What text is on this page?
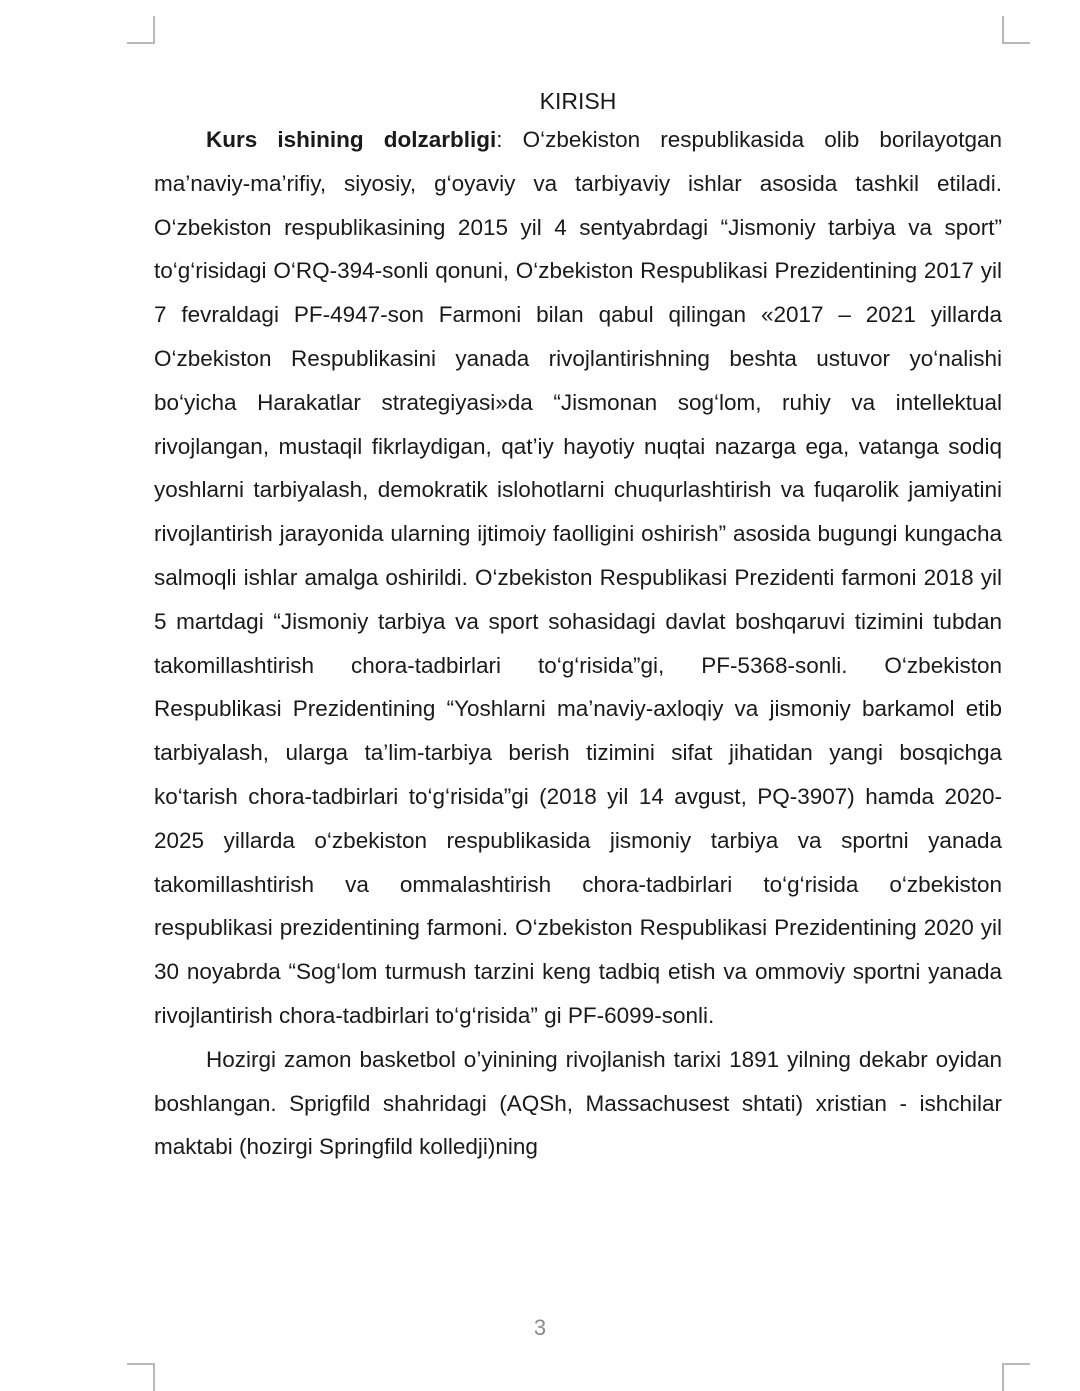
KIRISH

Kurs ishining dolzarbligi: O‘zbekiston respublikasida olib borilayotgan ma’naviy-ma’rifiy, siyosiy, g‘oyaviy va tarbiyaviy ishlar asosida tashkil etiladi. O‘zbekiston respublikasining 2015 yil 4 sentyabrdagi “Jismoniy tarbiya va sport” to‘g‘risidagi O‘RQ-394-sonli qonuni, O‘zbekiston Respublikasi Prezidentining 2017 yil 7 fevraldagi PF-4947-son Farmoni bilan qabul qilingan «2017 – 2021 yillarda O‘zbekiston Respublikasini yanada rivojlantirishning beshta ustuvor yo‘nalishi bo‘yicha Harakatlar strategiyasi»da “Jismonan sog‘lom, ruhiy va intellektual rivojlangan, mustaqil fikrlaydigan, qat’iy hayotiy nuqtai nazarga ega, vatanga sodiq yoshlarni tarbiyalash, demokratik islohotlarni chuqurlashtirish va fuqarolik jamiyatini rivojlantirish jarayonida ularning ijtimoiy faolligini oshirish” asosida bugungi kungacha salmoqli ishlar amalga oshirildi. O‘zbekiston Respublikasi Prezidenti farmoni 2018 yil 5 martdagi “Jismoniy tarbiya va sport sohasidagi davlat boshqaruvi tizimini tubdan takomillashtirish chora-tadbirlari to‘g‘risida”gi, PF-5368-sonli. O‘zbekiston Respublikasi Prezidentining “Yoshlarni ma’naviy-axloqiy va jismoniy barkamol etib tarbiyalash, ularga ta’lim-tarbiya berish tizimini sifat jihatidan yangi bosqichga ko‘tarish chora-tadbirlari to‘g‘risida”gi (2018 yil 14 avgust, PQ-3907) hamda 2020-2025 yillarda o‘zbekiston respublikasida jismoniy tarbiya va sportni yanada takomillashtirish va ommalashtirish chora-tadbirlari to‘g‘risida o‘zbekiston respublikasi prezidentining farmoni. O‘zbekiston Respublikasi Prezidentining 2020 yil 30 noyabrda “Sog‘lom turmush tarzini keng tadbiq etish va ommoviy sportni yanada rivojlantirish chora-tadbirlari to‘g‘risida” gi PF-6099-sonli.

Hozirgi zamon basketbol o’yinining rivojlanish tarixi 1891 yilning dekabr oyidan boshlangan. Sprigfild shahridagi (AQSh, Massachusest shtati) xristian - ishchilar maktabi (hozirgi Springfild kolledji)ning

3
